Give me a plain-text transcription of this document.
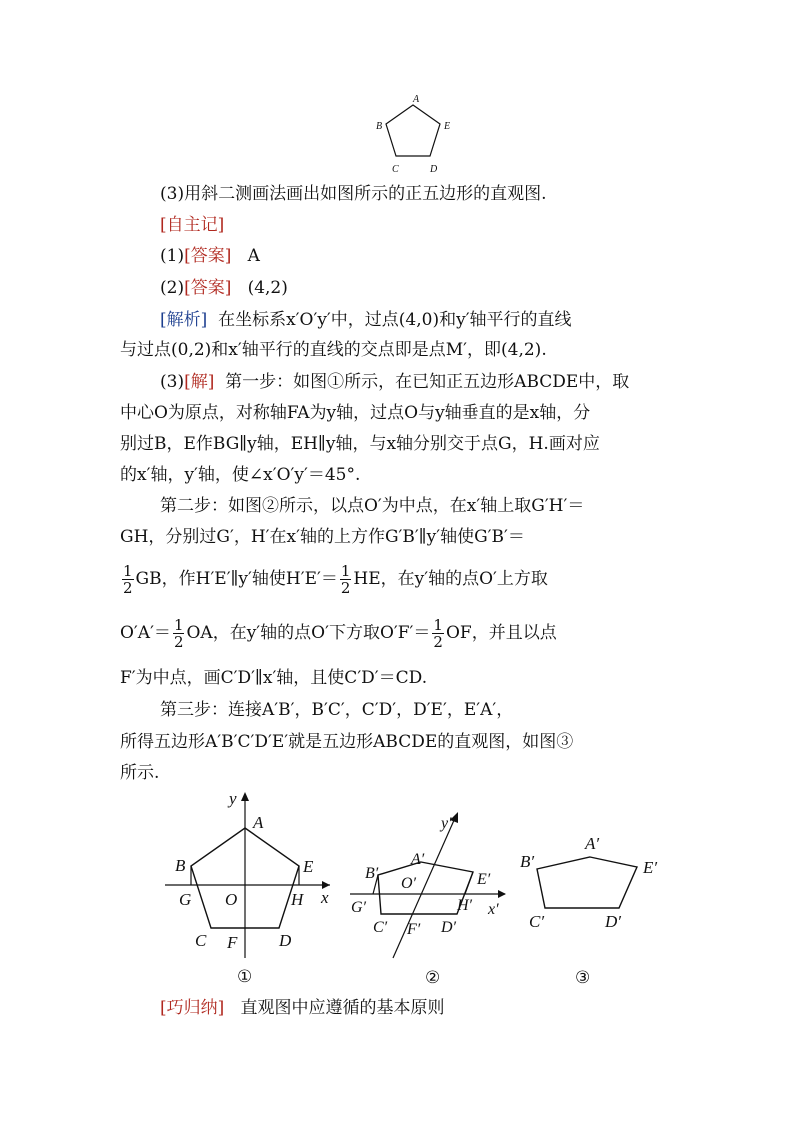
A
B	E
C	D
(3)用斜二测画法画出如图所示的正五边形的直观图.
[自主记]
(1)[答案] A
(2)[答案] (4,2)
[解析] 在坐标系x′O′y′中，过点(4,0)和y′轴平行的直线
与过点(0,2)和x′轴平行的直线的交点即是点M′，即(4,2).
(3)[解] 第一步：如图①所示，在已知正五边形ABCDE中，取
中心O为原点，对称轴FA为y轴，过点O与y轴垂直的是x轴，分
别过B，E作BG∥y轴，EH∥y轴，与x轴分别交于点G，H.画对应
的x′轴，y′轴，使∠x′O′y′＝45°.
第二步：如图②所示，以点O′为中点，在x′轴上取G′H′＝
GH，分别过G′，H′在x′轴的上方作G′B′∥y′轴使G′B′＝
$\frac{1}{2}$ GB，作H′E′∥y′轴使$H'E'= \frac{1}{2}$ HE，在y′轴的点O′上方取
$O'A'= \frac{1}{2}$ OA，在y′轴的点O′下方取$O'F'= \frac{1}{2}$ OF，并且以点
F′为中点，画C′D′∥x′轴，且使C′D′＝CD.
第三步：连接A′B′，B′C′，C′D′，D′E′，E′A′，
所得五边形A′B′C′D′E′就是五边形ABCDE的直观图，如图③
所示.
y
x
A
B	E
G O	H
C F D
①
y′
x′
A′
B′	E′
O′
G′	H′
C′ F′ D′
②
A′
B′	E′
C′	D′
③
[巧归纳] 直观图中应遵循的基本原则
